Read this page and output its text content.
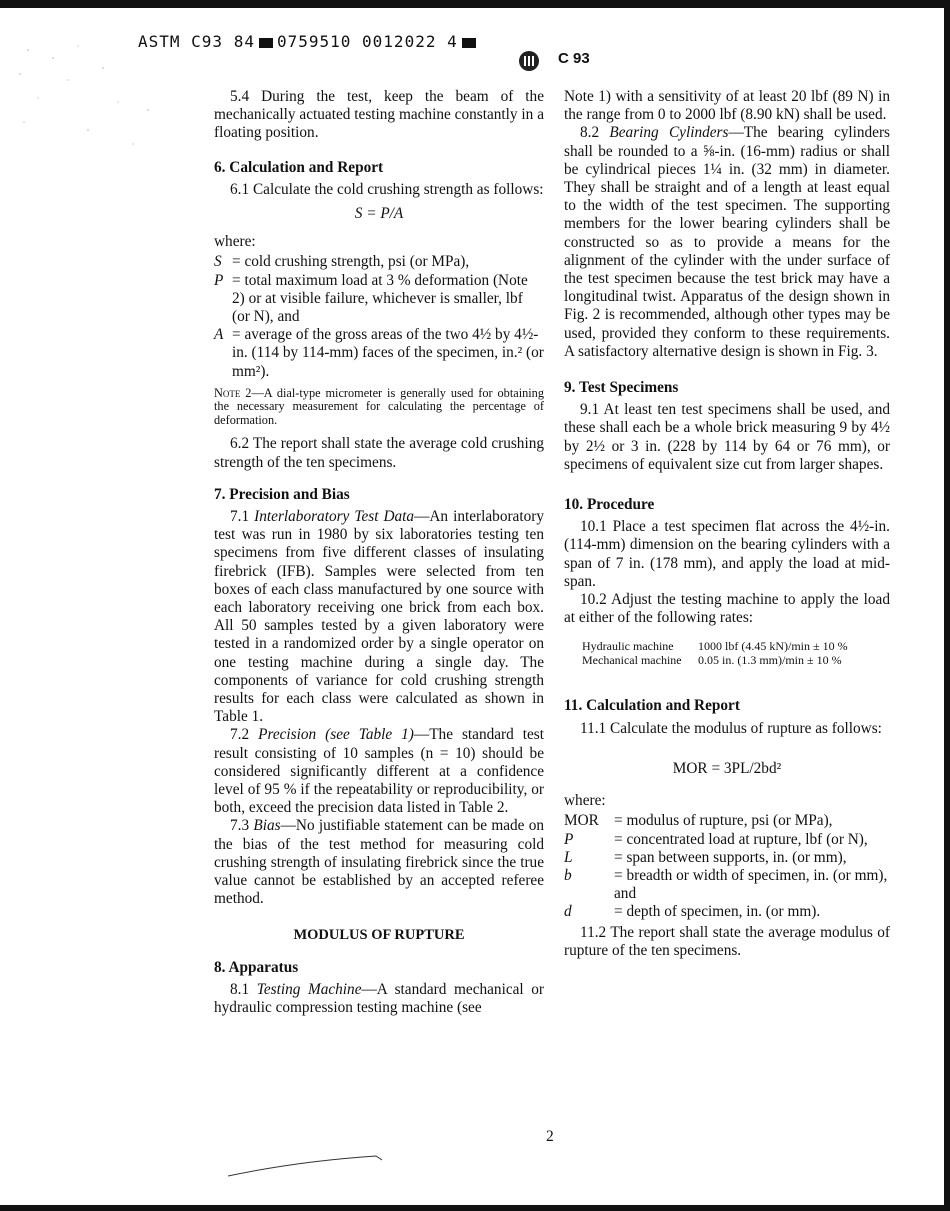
ASTM C93 84 0759510 0012022 4
C 93

5.4 During the test, keep the beam of the mechanically actuated testing machine constantly in a floating position.

6. Calculation and Report

6.1 Calculate the cold crushing strength as follows:

S = P/A

where:

S = cold crushing strength, psi (or MPa),
P = total maximum load at 3 % deformation (Note 2) or at visible failure, whichever is smaller, lbf (or N), and
A = average of the gross areas of the two 4½ by 4½-in. (114 by 114-mm) faces of the specimen, in.² (or mm²).

Note 2—A dial-type micrometer is generally used for obtaining the necessary measurement for calculating the percentage of deformation.

6.2 The report shall state the average cold crushing strength of the ten specimens.

7. Precision and Bias

7.1 Interlaboratory Test Data—An interlaboratory test was run in 1980 by six laboratories testing ten specimens from five different classes of insulating firebrick (IFB). Samples were selected from ten boxes of each class manufactured by one source with each laboratory receiving one brick from each box. All 50 samples tested by a given laboratory were tested in a randomized order by a single operator on one testing machine during a single day. The components of variance for cold crushing strength results for each class were calculated as shown in Table 1.

7.2 Precision (see Table 1)—The standard test result consisting of 10 samples (n = 10) should be considered significantly different at a confidence level of 95 % if the repeatability or reproducibility, or both, exceed the precision data listed in Table 2.

7.3 Bias—No justifiable statement can be made on the bias of the test method for measuring cold crushing strength of insulating firebrick since the true value cannot be established by an accepted referee method.

MODULUS OF RUPTURE
8. Apparatus

8.1 Testing Machine—A standard mechanical or hydraulic compression testing machine (see

Note 1) with a sensitivity of at least 20 lbf (89 N) in the range from 0 to 2000 lbf (8.90 kN) shall be used.

8.2 Bearing Cylinders—The bearing cylinders shall be rounded to a ⅝-in. (16-mm) radius or shall be cylindrical pieces 1¼ in. (32 mm) in diameter. They shall be straight and of a length at least equal to the width of the test specimen. The supporting members for the lower bearing cylinders shall be constructed so as to provide a means for the alignment of the cylinder with the under surface of the test specimen because the test brick may have a longitudinal twist. Apparatus of the design shown in Fig. 2 is recommended, although other types may be used, provided they conform to these requirements. A satisfactory alternative design is shown in Fig. 3.

9. Test Specimens

9.1 At least ten test specimens shall be used, and these shall each be a whole brick measuring 9 by 4½ by 2½ or 3 in. (228 by 114 by 64 or 76 mm), or specimens of equivalent size cut from larger shapes.

10. Procedure

10.1 Place a test specimen flat across the 4½-in. (114-mm) dimension on the bearing cylinders with a span of 7 in. (178 mm), and apply the load at mid-span.

10.2 Adjust the testing machine to apply the load at either of the following rates:

Hydraulic machine	1000 lbf (4.45 kN)/min ± 10 %
Mechanical machine	0.05 in. (1.3 mm)/min ± 10 %
11. Calculation and Report

11.1 Calculate the modulus of rupture as follows:

MOR = 3PL/2bd²

where:

MOR = modulus of rupture, psi (or MPa),
P	= concentrated load at rupture, lbf (or N),
L	= span between supports, in. (or mm),
b	= breadth or width of specimen, in. (or mm), and
d	= depth of specimen, in. (or mm).

11.2 The report shall state the average modulus of rupture of the ten specimens.

2
